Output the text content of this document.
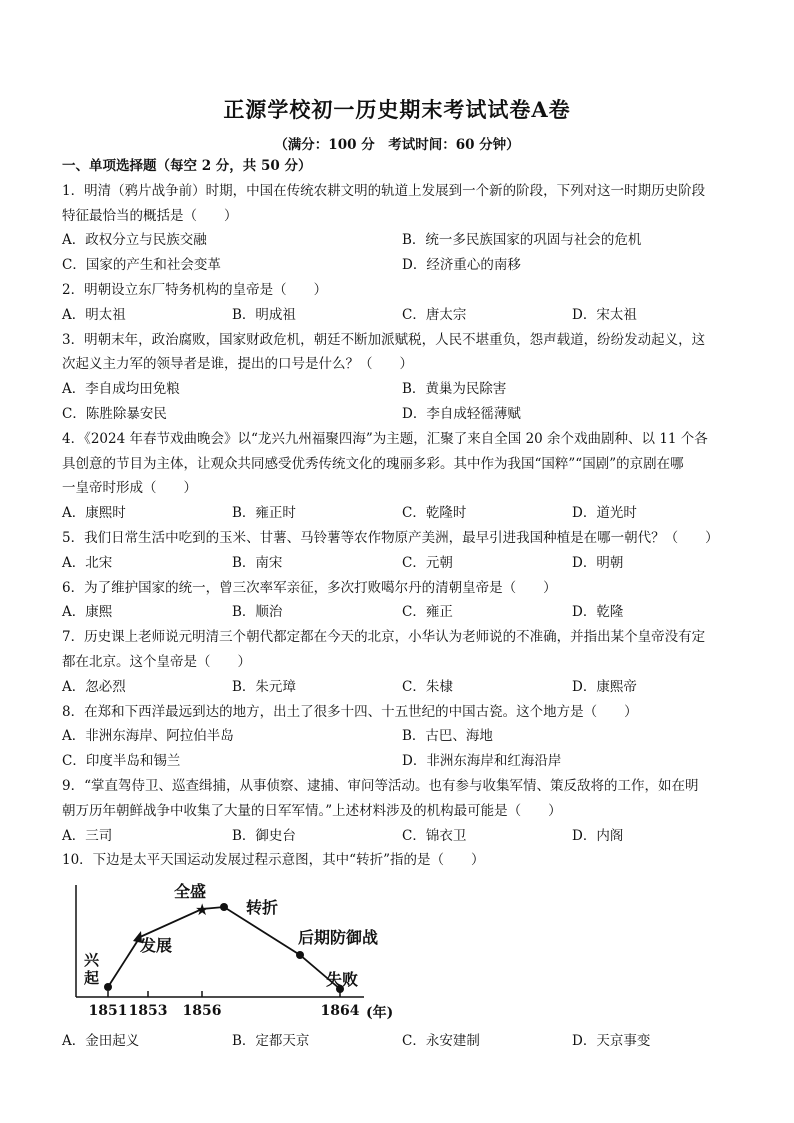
正源学校初一历史期末考试试卷A卷
（满分：100 分　考试时间：60 分钟）
一、单项选择题（每空 2 分，共 50 分）
1．明清（鸦片战争前）时期，中国在传统农耕文明的轨道上发展到一个新的阶段，下列对这一时期历史阶段
特征最恰当的概括是（　　）
A．政权分立与民族交融	B．统一多民族国家的巩固与社会的危机
C．国家的产生和社会变革	D．经济重心的南移
2．明朝设立东厂特务机构的皇帝是（　　）
A．明太祖	B．明成祖	C．唐太宗	D．宋太祖
3．明朝末年，政治腐败，国家财政危机，朝廷不断加派赋税，人民不堪重负，怨声载道，纷纷发动起义，这
次起义主力军的领导者是谁，提出的口号是什么？（　　）
A．李自成均田免粮	B．黄巢为民除害
C．陈胜除暴安民	D．李自成轻徭薄赋
4．《2024 年春节戏曲晚会》以“龙兴九州福聚四海”为主题，汇聚了来自全国 20 余个戏曲剧种、以 11 个各
具创意的节目为主体，让观众共同感受优秀传统文化的瑰丽多彩。其中作为我国“国粹”“国剧”的京剧在哪
一皇帝时形成（　　）
A．康熙时	B．雍正时	C．乾隆时	D．道光时
5．我们日常生活中吃到的玉米、甘薯、马铃薯等农作物原产美洲，最早引进我国种植是在哪一朝代？（　　）
A．北宋	B．南宋	C．元朝	D．明朝
6．为了维护国家的统一，曾三次率军亲征，多次打败噶尔丹的清朝皇帝是（　　）
A．康熙	B．顺治	C．雍正	D．乾隆
7．历史课上老师说元明清三个朝代都定都在今天的北京，小华认为老师说的不准确，并指出某个皇帝没有定
都在北京。这个皇帝是（　　）
A．忽必烈	B．朱元璋	C．朱棣	D．康熙帝
8．在郑和下西洋最远到达的地方，出土了很多十四、十五世纪的中国古瓷。这个地方是（　　）
A．非洲东海岸、阿拉伯半岛	B．古巴、海地
C．印度半岛和锡兰	D．非洲东海岸和红海沿岸
9．“掌直驾侍卫、巡查缉捕，从事侦察、逮捕、审问等活动。也有参与收集军情、策反敌将的工作，如在明
朝万历年朝鲜战争中收集了大量的日军军情。”上述材料涉及的机构最可能是（　　）
A．三司	B．御史台	C．锦衣卫	D．内阁
10．下边是太平天国运动发展过程示意图，其中“转折”指的是（　　）
★
兴
起
发展
全盛
转折
后期防御战
失败
1851 1853 1856	1864 (年)
A．金田起义	B．定都天京	C．永安建制	D．天京事变
